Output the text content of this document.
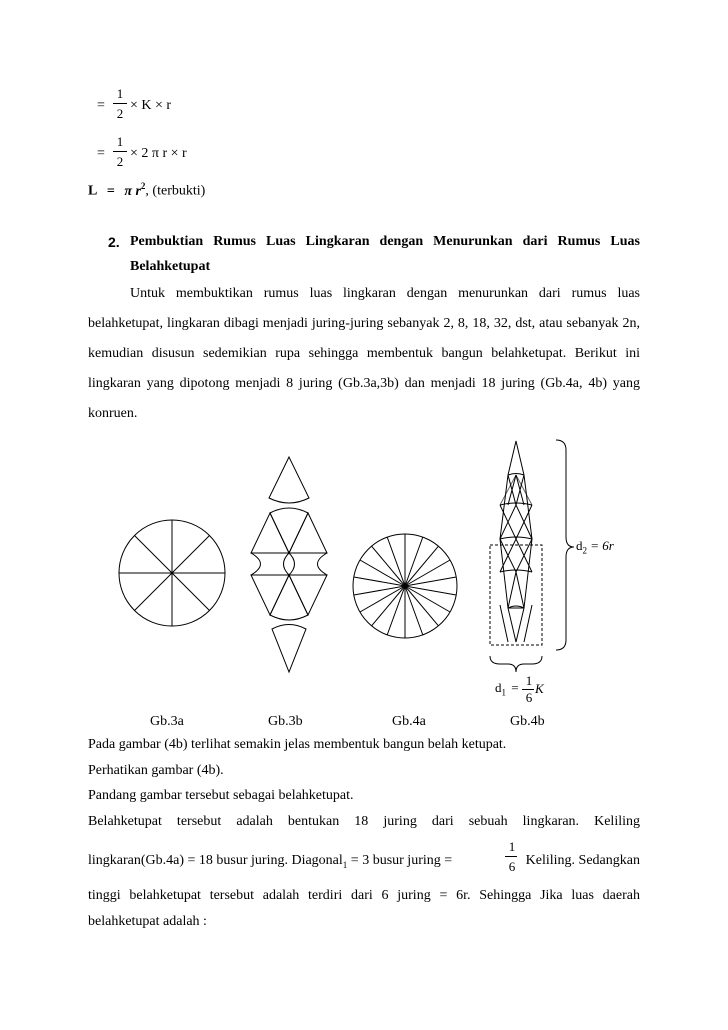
=
1
2
× K × r
=
1
2
× 2 π r × r
L = π $r^2$, (terbukti)
2. Pembuktian Rumus Luas Lingkaran dengan Menurunkan dari Rumus Luas
Belahketupat
Untuk membuktikan rumus luas lingkaran dengan menurunkan dari rumus luas belahketupat, lingkaran dibagi menjadi juring-juring sebanyak 2, 8, 18, 32, dst, atau sebanyak 2n, kemudian disusun sedemikian rupa sehingga membentuk bangun belahketupat. Berikut ini lingkaran yang dipotong menjadi 8 juring (Gb.3a,3b) dan menjadi 18 juring (Gb.4a, 4b) yang konruen.
$d_2 = 6r$
$d_1 = 1$
6
K
Gb.3a	Gb.3b	Gb.4a	Gb.4b
Pada gambar (4b) terlihat semakin jelas membentuk bangun belah ketupat.
Perhatikan gambar (4b).
Pandang gambar tersebut sebagai belahketupat.
Belahketupat tersebut adalah bentukan 18 juring dari sebuah lingkaran. Keliling
lingkaran(Gb.4a) = 18 busur juring. Diagonal$_1$ = 3 busur juring =	Keliling. Sedangkan
1
6
tinggi belahketupat tersebut adalah terdiri dari 6 juring = 6r. Sehingga Jika luas daerah
belahketupat adalah :
